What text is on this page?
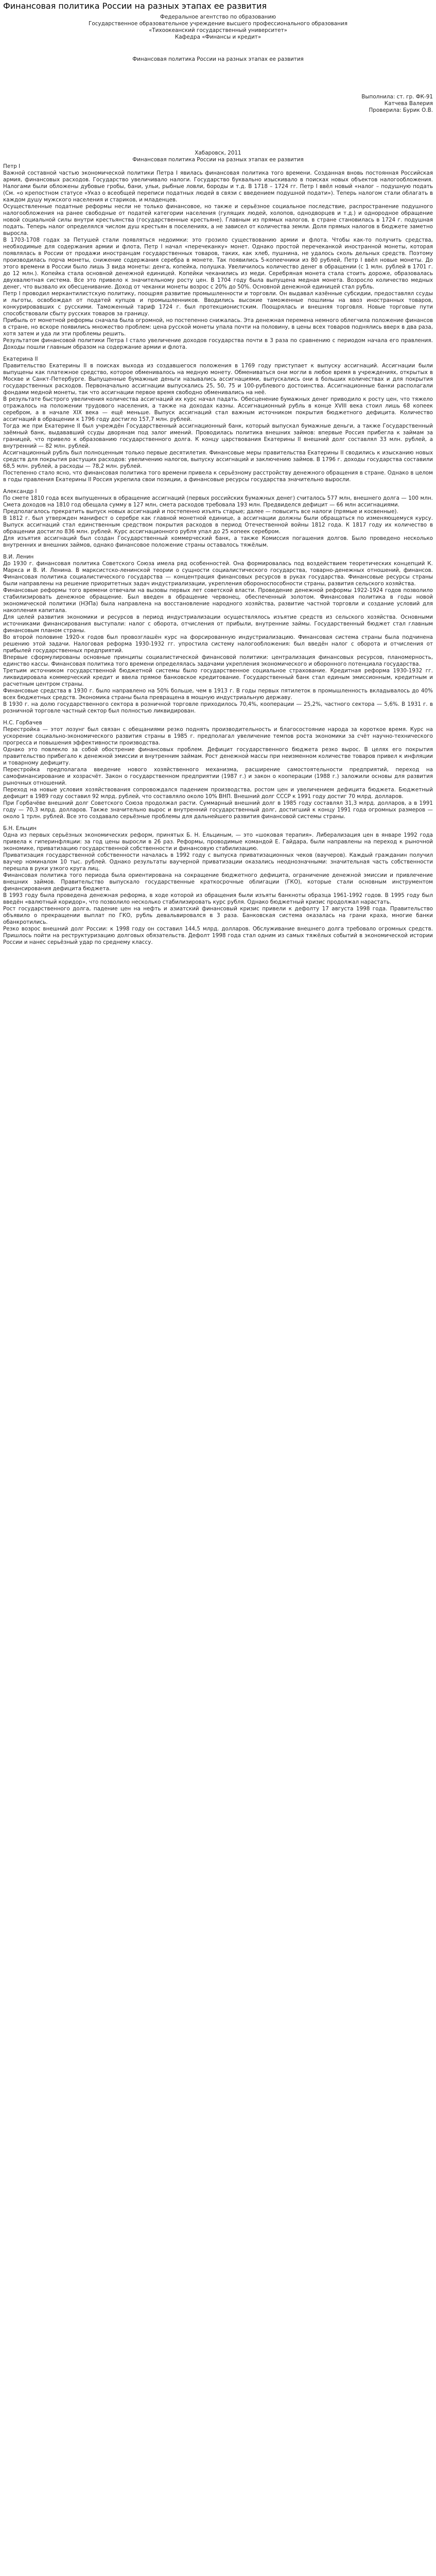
Финансовая политика России на разных этапах ее развития

Федеральное агентство по образованию

Государственное образовательное учреждение высшего профессионального образования

«Тихоокеанский государственный университет»

Кафедра «Финансы и кредит»

Финансовая политика России на разных этапах ее развития

Выполнила: ст. гр. ФК-91

Катчева Валерия

Проверила: Бурик О.В.

Хабаровск, 2011

Финансовая политика России на разных этапах ее развития

Петр I

Важной составной частью экономической политики Петра I явилась финансовая политика того времени. Созданная вновь постоянная Российская армия, финансовых расходов. Государство увеличивало налоги. Государство буквально изыскивало в поисках новых объектов налогообложения. Налогами были обложены дубовые гробы, бани, ульи, рыбные ловли, бороды и т.д. В 1718 – 1724 гг. Петр I ввёл новый «налог – подушную подать (См. «о крепостном статусе «Указ о всеобщей переписи податных людей в связи с введением подушной подати»). Теперь налогом стали облагать в каждом душу мужского населения и стариков, и младенцев.

Осуществленные податные реформы несли не только финансовое, но также и серьёзное социальное последствие, распространение подушного налогообложения на ранее свободные от податей категории населения (гулящих людей, холопов, однодворцев и т.д.) и однородное обращение новой социальной силы внутри крестьянства (государственные крестьяне). Главным из прямых налогов, в стране становилась в 1724 г. подушная подать. Теперь налог определялся числом душ крестьян в поселениях, а не зависел от количества земли. Доля прямых налогов в бюджете заметно выросла.

В 1703-1708 годах за Петушей стали появляться недоимки: это грозило существованию армии и флота. Чтобы как-то получить средства, необходимые для содержания армии и флота, Петр I начал «перечеканку» монет. Однако простой перечеканкой иностранной монеты, которая появлялась в России от продажи иностранцам государственных товаров, таких, как хлеб, пушнина, не удалось сколь дельных средств. Поэтому производилась порча монеты, снижение содержания серебра в монете. Так появились 5-копеечники из 80 рублей, Петр I ввёл новые монеты. До этого времени в России было лишь 3 вида монеты: денга, копейка, полушка. Увеличилось количество денег в обращении (с 1 млн. рублей в 1701 г. до 12 млн.). Копейка стала основной денежной единицей. Копейки чеканились из меди. Серебряная монета стала стоить дороже, образовалась двухвалютная система. Все это привело к значительному росту цен. В 1704 году была выпущена медная монета. Возросло количество медных денег, что вызвало их обесценивание. Доход от чеканки монеты возрос с 20% до 50%. Основной денежной единицей стал рубль.

Петр I проводил меркантилистскую политику, поощряя развитие промышленности и торговли. Он выдавал казённые субсидии, предоставлял ссуды и льготы, освобождал от податей купцов и промышленников. Вводились высокие таможенные пошлины на ввоз иностранных товаров, конкурировавших с русскими. Таможенный тариф 1724 г. был протекционистским. Поощрялась и внешняя торговля. Новые торговые пути способствовали сбыту русских товаров за границу.

Прибыль от монетной реформы сначала была огромной, но постепенно снижалась. Эта денежная перемена немного облегчила положение финансов в стране, но вскоре появились множество проблем: цена русской монеты упала почти на половину, в цены всех товаров поднялись вверх в два раза, хотя затем и уда ли эти проблемы решить.

Результатом финансовой политики Петра I стало увеличение доходов государства почти в 3 раза по сравнению с периодом начала его правления. Доходы пошли главным образом на содержание армии и флота.

Екатерина II

Правительство Екатерины II в поисках выхода из создавшегося положения в 1769 году приступает к выпуску ассигнаций. Ассигнации были выпущены как платежное средство, которое обменивалось на медную монету. Обмениваться они могли в любое время в учреждениях, открытых в Москве и Санкт-Петербурге. Выпущенные бумажные деньги назывались ассигнациями, выпускались они в больших количествах и для покрытия государственных расходов. Первоначально ассигнации выпускались 25, 50, 75 и 100-рублевого достоинства. Ассигнационные банки располагали фондами медной монеты, так что ассигнации первое время свободно обменивались на неё.

В результате быстрого увеличения количества ассигнаций их курс начал падать. Обесценение бумажных денег приводило к росту цен, что тяжело отражалось на положении трудового населения, а также на доходах казны. Ассигнационный рубль в конце XVIII века стоил лишь 68 копеек серебром, а в начале XIX века — ещё меньше. Выпуск ассигнаций стал важным источником покрытия бюджетного дефицита. Количество ассигнаций в обращении к 1796 году достигло 157,7 млн. рублей.

Тогда же при Екатерине II был учреждён Государственный ассигнационный банк, который выпускал бумажные деньги, а также Государственный заёмный банк, выдававший ссуды дворянам под залог имений. Проводилась политика внешних займов: впервые Россия прибегла к займам за границей, что привело к образованию государственного долга. К концу царствования Екатерины II внешний долг составлял 33 млн. рублей, а внутренний — 82 млн. рублей.

Ассигнационный рубль был полноценным только первые десятилетия. Финансовые меры правительства Екатерины II сводились к изысканию новых средств для покрытия растущих расходов: увеличению налогов, выпуску ассигнаций и заключению займов. В 1796 г. доходы государства составили 68,5 млн. рублей, а расходы — 78,2 млн. рублей.

Постепенно стало ясно, что финансовая политика того времени привела к серьёзному расстройству денежного обращения в стране. Однако в целом в годы правления Екатерины II Россия укрепила свои позиции, а финансовые ресурсы государства значительно выросли.

Александр I

По смете 1810 года всех выпущенных в обращение ассигнаций (первых российских бумажных денег) считалось 577 млн, внешнего долга — 100 млн. Смета доходов на 1810 год обещала сумму в 127 млн, смета расходов требовала 193 млн. Предвиделся дефицит — 66 млн ассигнациями.

Предполагалось прекратить выпуск новых ассигнаций и постепенно изъять старые; далее — повысить все налоги (прямые и косвенные).

В 1812 г. был утвержден манифест о серебре как главной монетной единице, а ассигнации должны были обращаться по изменяющемуся курсу. Выпуск ассигнаций стал единственным средством покрытия расходов в период Отечественной войны 1812 года. К 1817 году их количество в обращении достигло 836 млн. рублей. Курс ассигнационного рубля упал до 25 копеек серебром.

Для изъятия ассигнаций был создан Государственный коммерческий банк, а также Комиссия погашения долгов. Было проведено несколько внутренних и внешних займов, однако финансовое положение страны оставалось тяжёлым.

В.И. Ленин

До 1930 г. финансовая политика Советского Союза имела ряд особенностей. Она формировалась под воздействием теоретических концепций К. Маркса и В. И. Ленина. В марксистско-ленинской теории о сущности социалистического государства, товарно-денежных отношений, финансов. Финансовая политика социалистического государства — концентрация финансовых ресурсов в руках государства. Финансовые ресурсы страны были направлены на решение приоритетных задач индустриализации, укрепления обороноспособности страны, развития сельского хозяйства.

Финансовые реформы того времени отвечали на вызовы первых лет советской власти. Проведение денежной реформы 1922-1924 годов позволило стабилизировать денежное обращение. Был введен в обращение червонец, обеспеченный золотом. Финансовая политика в годы новой экономической политики (НЭПа) была направлена на восстановление народного хозяйства, развитие частной торговли и создание условий для накопления капитала.

Для целей развития экономики и ресурсов в период индустриализации осуществлялось изъятие средств из сельского хозяйства. Основными источниками финансирования выступали: налог с оборота, отчисления от прибыли, внутренние займы. Государственный бюджет стал главным финансовым планом страны.

Во второй половине 1920-х годов был провозглашён курс на форсированную индустриализацию. Финансовая система страны была подчинена решению этой задачи. Налоговая реформа 1930-1932 гг. упростила систему налогообложения: был введён налог с оборота и отчисления от прибылей государственных предприятий.

Впервые сформулированы основные принципы социалистической финансовой политики: централизация финансовых ресурсов, планомерность, единство кассы. Финансовая политика того времени определялась задачами укрепления экономического и оборонного потенциала государства.

Третьим источником государственной бюджетной системы было государственное социальное страхование. Кредитная реформа 1930-1932 гг. ликвидировала коммерческий кредит и ввела прямое банковское кредитование. Государственный банк стал единым эмиссионным, кредитным и расчетным центром страны.

Финансовые средства в 1930 г. было направлено на 50% больше, чем в 1913 г. В годы первых пятилеток в промышленность вкладывалось до 40% всех бюджетных средств. Экономика страны была превращена в мощную индустриальную державу.

В 1930 г. на долю государственного сектора в розничной торговле приходилось 70,4%, кооперации — 25,2%, частного сектора — 5,6%. В 1931 г. в розничной торговле частный сектор был полностью ликвидирован.

Н.С. Горбачев

Перестройка — этот лозунг был связан с обещаниями резко поднять производительность и благосостояние народа за короткое время. Курс на ускорение социально-экономического развития страны в 1985 г. предполагал увеличение темпов роста экономики за счёт научно-технического прогресса и повышения эффективности производства.

Однако это повлекло за собой обострение финансовых проблем. Дефицит государственного бюджета резко вырос. В целях его покрытия правительство прибегало к денежной эмиссии и внутренним займам. Рост денежной массы при неизменном количестве товаров привел к инфляции и товарному дефициту.

Перестройка предполагала введение нового хозяйственного механизма, расширение самостоятельности предприятий, переход на самофинансирование и хозрасчёт. Закон о государственном предприятии (1987 г.) и закон о кооперации (1988 г.) заложили основы для развития рыночных отношений.

Переход на новые условия хозяйствования сопровождался падением производства, ростом цен и увеличением дефицита бюджета. Бюджетный дефицит в 1989 году составил 92 млрд. рублей, что составляло около 10% ВНП. Внешний долг СССР к 1991 году достиг 70 млрд. долларов.

При Горбачёве внешний долг Советского Союза продолжал расти. Суммарный внешний долг в 1985 году составлял 31,3 млрд. долларов, а в 1991 году — 70,3 млрд. долларов. Также значительно вырос и внутренний государственный долг, достигший к концу 1991 года огромных размеров — около 1 трлн. рублей. Все это создавало серьёзные проблемы для дальнейшего развития финансовой системы страны.

Б.Н. Ельцин

Одна из первых серьёзных экономических реформ, принятых Б. Н. Ельциным, — это «шоковая терапия». Либерализация цен в январе 1992 года привела к гиперинфляции: за год цены выросли в 26 раз. Реформы, проводимые командой Е. Гайдара, были направлены на переход к рыночной экономике, приватизацию государственной собственности и финансовую стабилизацию.

Приватизация государственной собственности началась в 1992 году с выпуска приватизационных чеков (ваучеров). Каждый гражданин получил ваучер номиналом 10 тыс. рублей. Однако результаты ваучерной приватизации оказались неоднозначными: значительная часть собственности перешла в руки узкого круга лиц.

Финансовая политика того периода была ориентирована на сокращение бюджетного дефицита, ограничение денежной эмиссии и привлечение внешних займов. Правительство выпускало государственные краткосрочные облигации (ГКО), которые стали основным инструментом финансирования дефицита бюджета.

В 1993 году была проведена денежная реформа, в ходе которой из обращения были изъяты банкноты образца 1961-1992 годов. В 1995 году был введён «валютный коридор», что позволило несколько стабилизировать курс рубля. Однако бюджетный кризис продолжал нарастать.

Рост государственного долга, падение цен на нефть и азиатский финансовый кризис привели к дефолту 17 августа 1998 года. Правительство объявило о прекращении выплат по ГКО, рубль девальвировался в 3 раза. Банковская система оказалась на грани краха, многие банки обанкротились.

Резко возрос внешний долг России: к 1998 году он составил 144,5 млрд. долларов. Обслуживание внешнего долга требовало огромных средств. Пришлось пойти на реструктуризацию долговых обязательств. Дефолт 1998 года стал одним из самых тяжёлых событий в экономической истории России и нанес серьёзный удар по среднему классу.
